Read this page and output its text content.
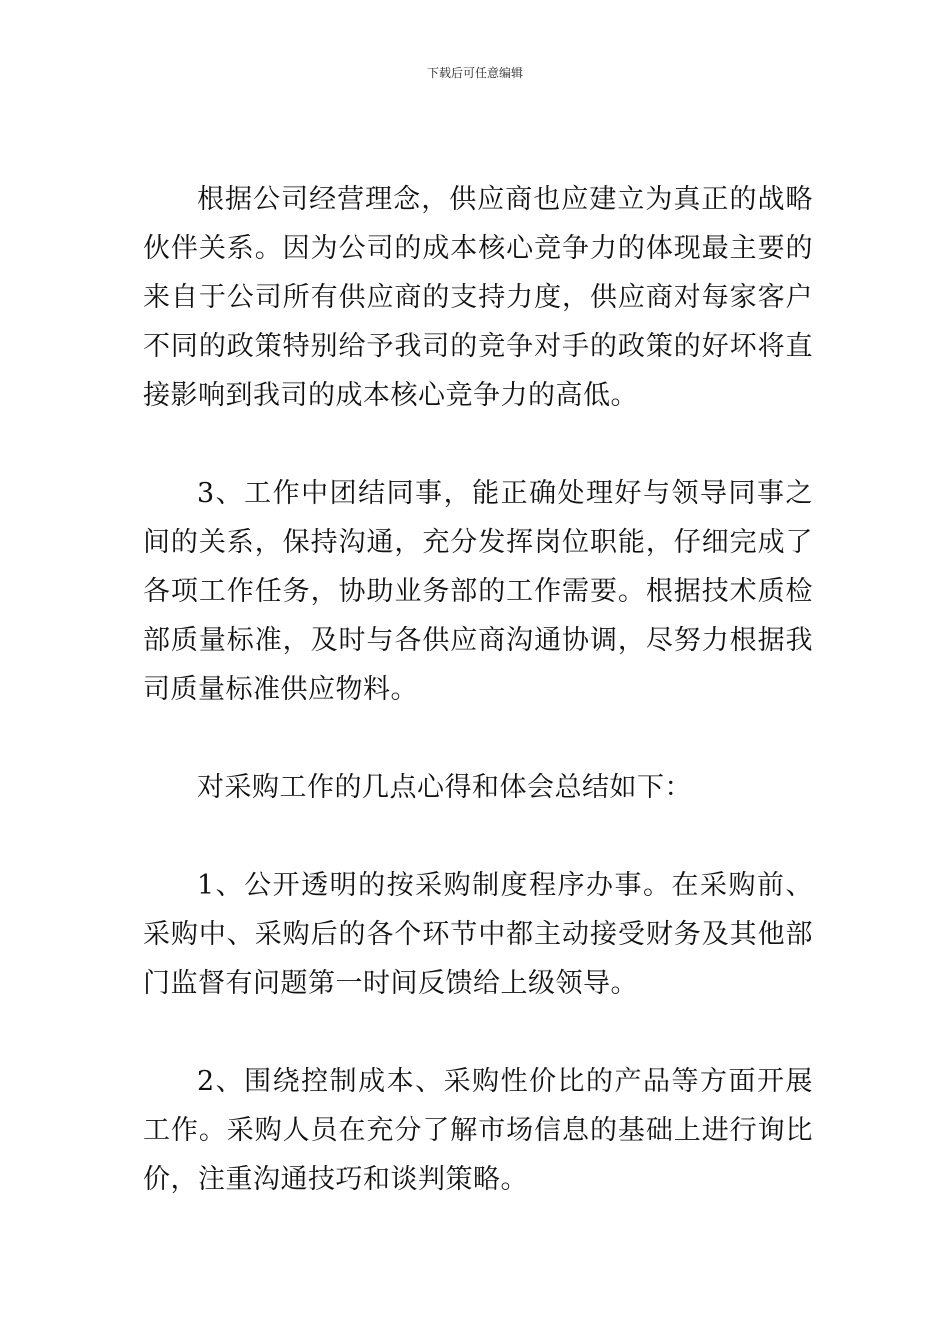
下载后可任意编辑

根据公司经营理念，供应商也应建立为真正的战略伙伴关系。因为公司的成本核心竞争力的体现最主要的来自于公司所有供应商的支持力度，供应商对每家客户不同的政策特别给予我司的竞争对手的政策的好坏将直接影响到我司的成本核心竞争力的高低。

3、工作中团结同事，能正确处理好与领导同事之间的关系，保持沟通，充分发挥岗位职能，仔细完成了各项工作任务，协助业务部的工作需要。根据技术质检部质量标准，及时与各供应商沟通协调，尽努力根据我司质量标准供应物料。

对采购工作的几点心得和体会总结如下：

1、公开透明的按采购制度程序办事。在采购前、采购中、采购后的各个环节中都主动接受财务及其他部门监督有问题第一时间反馈给上级领导。

2、围绕控制成本、采购性价比的产品等方面开展工作。采购人员在充分了解市场信息的基础上进行询比价，注重沟通技巧和谈判策略。
